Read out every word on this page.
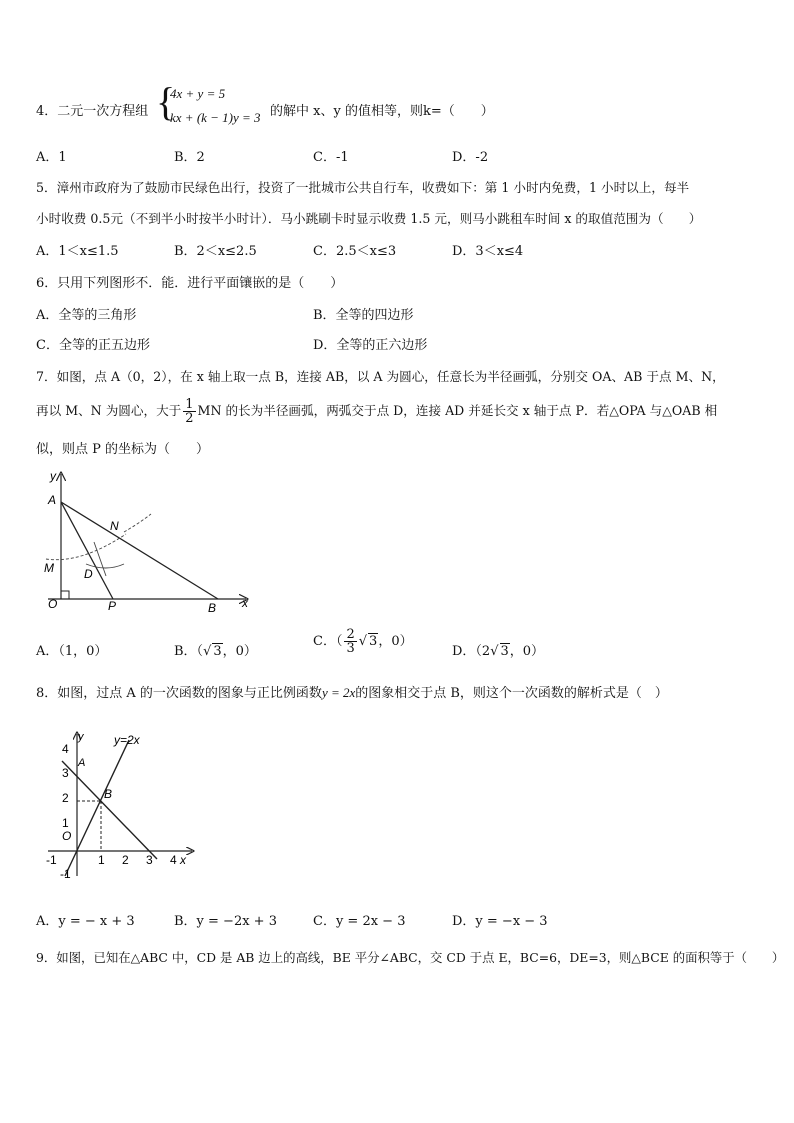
4．二元一次方程组 {
4x + y = 5
kx + (k − 1)y = 3 的解中 x、y 的值相等，则k=（　　）
A．1	B．2	C．-1	D．-2
5．漳州市政府为了鼓励市民绿色出行，投资了一批城市公共自行车，收费如下：第 1 小时内免费，1 小时以上，每半
小时收费 0.5元（不到半小时按半小时计）．马小跳刷卡时显示收费 1.5 元，则马小跳租车时间 x 的取值范围为（　　）
A．1＜x≤1.5	B．2＜x≤2.5	C．2.5＜x≤3	D．3＜x≤4
6．只用下列图形不．能．进行平面镶嵌的是（　　）
A．全等的三角形	B．全等的四边形
C．全等的正五边形	D．全等的正六边形
7．如图，点 A（0，2），在 x 轴上取一点 B，连接 AB，以 A 为圆心，任意长为半径画弧，分别交 OA、AB 于点 M、N，
再以 M、N 为圆心，大于 $\frac{1}{2}$ MN 的长为半径画弧，两弧交于点 D，连接 AD 并延长交 x 轴于点 P．若△OPA 与△OAB 相
似，则点 P 的坐标为（　　）
y
A
N
M	D
O	P	B x
A．（1，0）	B．（√ 3，0）
C．（ $\frac{2}{3}$ √ 3，0）
D．（2√ 3，0）
8．如图，过点 A 的一次函数的图象与正比例函数y = 2x的图象相交于点 B，则这个一次函数的解析式是（　）
y=2x
y
A
B
O
4
3
2
1
-1
-1	1 2 3 4 x
A．y = − x + 3	B．y = −2x + 3	C．y = 2x − 3	D．y = −x − 3
9．如图，已知在△ABC 中，CD 是 AB 边上的高线，BE 平分∠ABC，交 CD 于点 E，BC=6，DE=3，则△BCE 的面积等于（　　）
